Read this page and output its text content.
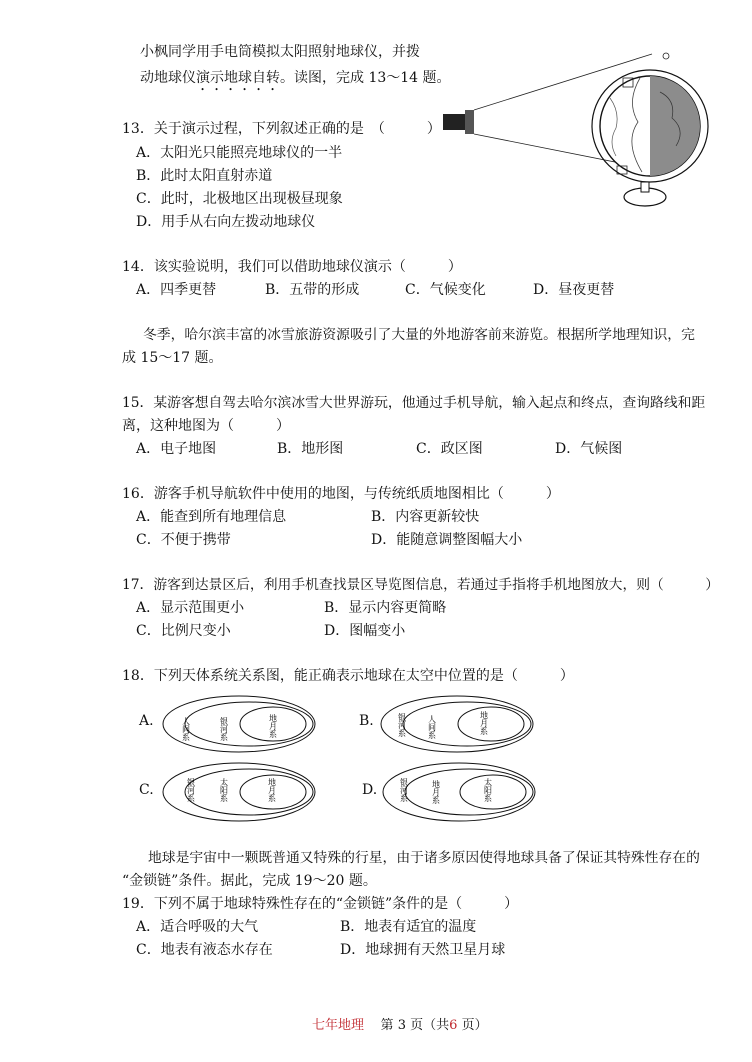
小枫同学用手电筒模拟太阳照射地球仪，并拨
动地球仪演示地球自转。读图，完成 13～14 题。
13．关于演示过程，下列叙述正确的是　（　　　）
A．太阳光只能照亮地球仪的一半
B．此时太阳直射赤道
C．此时，北极地区出现极昼现象
D．用手从右向左拨动地球仪
14．该实验说明，我们可以借助地球仪演示（　　　）
A．四季更替	B．五带的形成	C．气候变化	D．昼夜更替
冬季，哈尔滨丰富的冰雪旅游资源吸引了大量的外地游客前来游览。根据所学地理知识，完
成 15～17 题。
15．某游客想自驾去哈尔滨冰雪大世界游玩，他通过手机导航，输入起点和终点，查询路线和距
离，这种地图为（　　　）
A．电子地图	B．地形图	C．政区图	D．气候图
16．游客手机导航软件中使用的地图，与传统纸质地图相比（　　　）
A．能查到所有地理信息	B．内容更新较快
C．不便于携带	D．能随意调整图幅大小
17．游客到达景区后，利用手机查找景区导览图信息，若通过手指将手机地图放大，则（　　　）
A．显示范围更小	B．显示内容更简略
C．比例尺变小	D．图幅变小
18．下列天体系统关系图，能正确表示地球在太空中位置的是（　　　）
A.	人间系	银河系	地月系	B.	银河系	人间系	地月系
C.	银河系	太阳系	地月系	D.	银河系	地月系	太阳系
地球是宇宙中一颗既普通又特殊的行星，由于诸多原因使得地球具备了保证其特殊性存在的
“金锁链”条件。据此，完成 19～20 题。
19．下列不属于地球特殊性存在的“金锁链”条件的是（　　　）
A．适合呼吸的大气	B．地表有适宜的温度
C．地表有液态水存在	D．地球拥有天然卫星月球
七年地理 第 3 页（共6 页）
